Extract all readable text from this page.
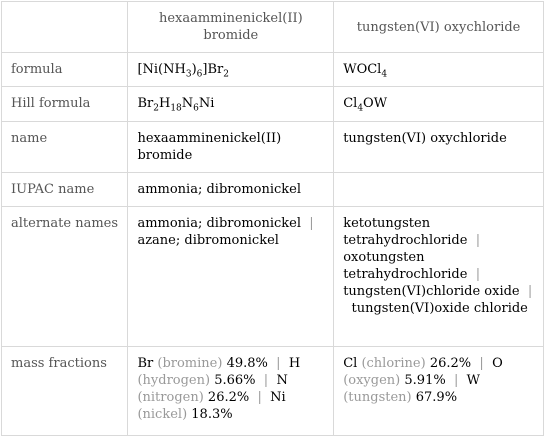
	hexaamminenickel(II) bromide	tungsten(VI) oxychloride
formula	$[Ni(NH_3)_6]Br_2$	WOCl$_4$
Hill formula	$Br_2H_{18}N_6Ni$	$Cl_4OW$
name	hexaamminenickel(II) bromide	tungsten(VI) oxychloride
IUPAC name	ammonia; dibromonickel	
alternate names	ammonia; dibromonickel |  azane; dibromonickel	ketotungsten tetrahydrochloride |  oxotungsten tetrahydrochloride |  tungsten(VI)chloride oxide |  tungsten(VI)oxide chloride
mass fractions	Br (bromine) 49.8% | H (hydrogen) 5.66% | N (nitrogen) 26.2% | Ni (nickel) 18.3%	Cl (chlorine) 26.2% | O (oxygen) 5.91% | W (tungsten) 67.9%
